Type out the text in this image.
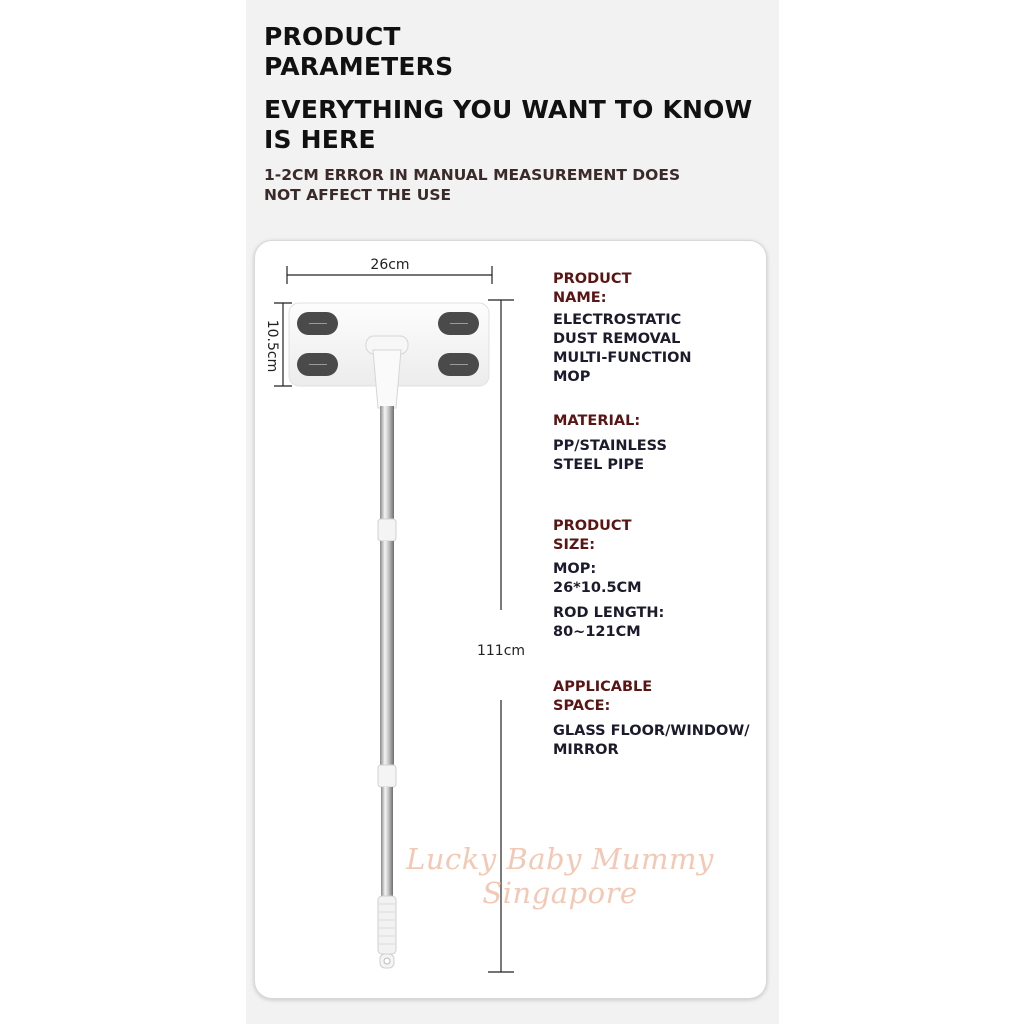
PRODUCT PARAMETERS
EVERYTHING YOU WANT TO KNOW IS HERE

1-2CM ERROR IN MANUAL MEASUREMENT DOES NOT AFFECT THE USE

26cm
10.5cm
111cm

PRODUCT NAME:

ELECTROSTATIC DUST REMOVAL MULTI-FUNCTION MOP

MATERIAL:

PP/STAINLESS STEEL PIPE

PRODUCT SIZE:

MOP: 26*10.5CM

ROD LENGTH: 80~121CM

APPLICABLE SPACE:

GLASS FLOOR/WINDOW/ MIRROR

Lucky Baby Mummy
Singapore
